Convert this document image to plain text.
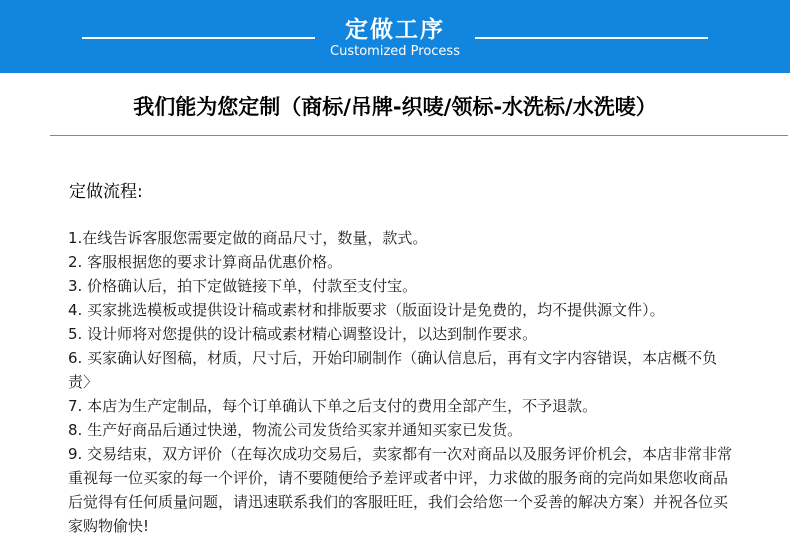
定做工序
Customized Process
我们能为您定制（商标/吊牌-织唛/领标-水洗标/水洗唛）
定做流程:
1.在线告诉客服您需要定做的商品尺寸，数量，款式。
2. 客服根据您的要求计算商品优惠价格。
3. 价格确认后，拍下定做链接下单，付款至支付宝。
4. 买家挑选模板或提供设计稿或素材和排版要求（版面设计是免费的，均不提供源文件）。
5. 设计师将对您提供的设计稿或素材精心调整设计，以达到制作要求。
6. 买家确认好图稿，材质，尺寸后，开始印刷制作（确认信息后，再有文字内容错误，本店概不负责〉
7. 本店为生产定制品，每个订单确认下单之后支付的费用全部产生，不予退款。
8. 生产好商品后通过快递，物流公司发货给买家并通知买家已发货。
9. 交易结束，双方评价（在每次成功交易后，卖家都有一次对商品以及服务评价机会，本店非常非常重视每一位买家的每一个评价，请不要随便给予差评或者中评，力求做的服务商的完尚如果您收商品后觉得有任何质量问题，请迅速联系我们的客服旺旺，我们会给您一个妥善的解决方案）并祝各位买家购物偷快!
